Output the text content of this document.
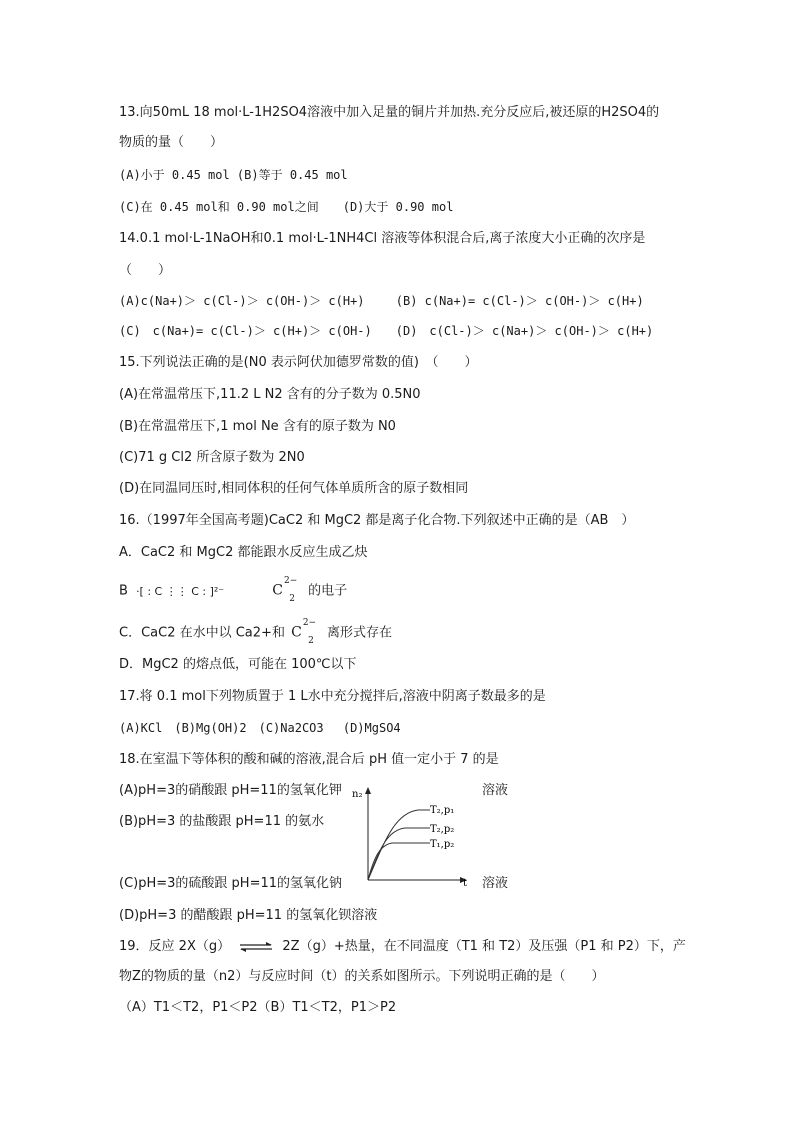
13.向50mL 18 mol·L-1H2SO4溶液中加入足量的铜片并加热.充分反应后,被还原的H2SO4的
物质的量（　　）
(A)小于 0.45 mol (B)等于 0.45 mol
(C)在 0.45 mol和 0.90 mol之间　　(D)大于 0.90 mol
14.0.1 mol·L-1NaOH和0.1 mol·L-1NH4Cl 溶液等体积混合后,离子浓度大小正确的次序是
（　　）
(A)c(Na+)＞ c(Cl-)＞ c(OH-)＞ c(H+)　　 (B) c(Na+)= c(Cl-)＞ c(OH-)＞ c(H+)
(C)　c(Na+)= c(Cl-)＞ c(H+)＞ c(OH-)　　(D)　c(Cl-)＞ c(Na+)＞ c(OH-)＞ c(H+)
15.下列说法正确的是(N0 表示阿伏加德罗常数的值)　（　　）
(A)在常温常压下,11.2 L N2 含有的分子数为 0.5N0
(B)在常温常压下,1 mol Ne 含有的原子数为 N0
(C)71 g Cl2 所含原子数为 2N0
(D)在同温同压时,相同体积的任何气体单质所含的原子数相同
16.（1997年全国高考题)CaC2 和 MgC2 都是离子化合物.下列叙述中正确的是（AB　）
A．CaC2 和 MgC2 都能跟水反应生成乙炔
B ·[ : C ⋮⋮ C : ]²⁻	$C^{2-}_2$ 的电子
C．CaC2 在水中以 Ca2+和 $C^{2-}_2$ 离形式存在
D．MgC2 的熔点低，可能在 100℃以下
17.将 0.1 mol下列物质置于 1 L水中充分搅拌后,溶液中阴离子数最多的是
(A)KCl　(B)Mg(OH)2　(C)Na2CO3　 (D)MgSO4
18.在室温下等体积的酸和碱的溶液,混合后 pH 值一定小于 7 的是
(A)pH=3的硝酸跟 pH=11的氢氧化钾	溶液
(B)pH=3 的盐酸跟 pH=11 的氨水
(C)pH=3的硫酸跟 pH=11的氢氧化钠	溶液
(D)pH=3 的醋酸跟 pH=11 的氢氧化钡溶液
n₂
t
T₂,p₁
T₂,p₂
T₁,p₂
19．反应 2X（g） ⇌ 2Z（g）+热量，在不同温度（T1 和 T2）及压强（P1 和 P2）下，产
物Z的物质的量（n2）与反应时间（t）的关系如图所示。下列说明正确的是（　　）
（A）T1＜T2，P1＜P2（B）T1＜T2，P1＞P2
